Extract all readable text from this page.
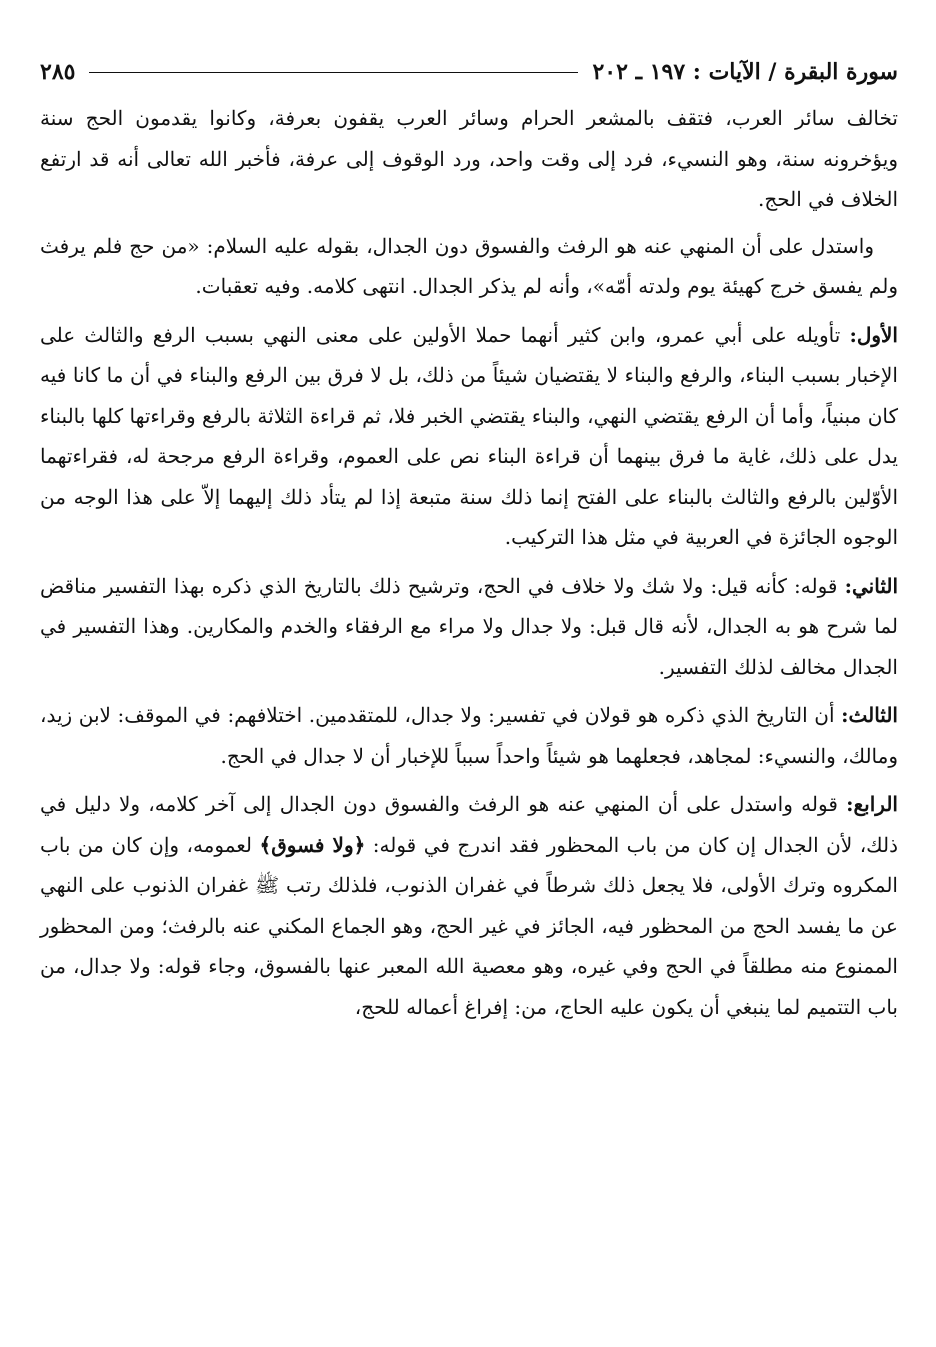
سورة البقرة / الآيات : ١٩٧ ـ ٢٠٢
٢٨٥

تخالف سائر العرب، فتقف بالمشعر الحرام وسائر العرب يقفون بعرفة، وكانوا يقدمون الحج سنة ويؤخرونه سنة، وهو النسيء، فرد إلى وقت واحد، ورد الوقوف إلى عرفة، فأخبر الله تعالى أنه قد ارتفع الخلاف في الحج.

واستدل على أن المنهي عنه هو الرفث والفسوق دون الجدال، بقوله عليه السلام: «من حج فلم يرفث ولم يفسق خرج كهيئة يوم ولدته أمّه»، وأنه لم يذكر الجدال. انتهى كلامه. وفيه تعقبات.

الأول: تأويله على أبي عمرو، وابن كثير أنهما حملا الأولين على معنى النهي بسبب الرفع والثالث على الإخبار بسبب البناء، والرفع والبناء لا يقتضيان شيئاً من ذلك، بل لا فرق بين الرفع والبناء في أن ما كانا فيه كان مبنياً، وأما أن الرفع يقتضي النهي، والبناء يقتضي الخبر فلا، ثم قراءة الثلاثة بالرفع وقراءتها كلها بالبناء يدل على ذلك، غاية ما فرق بينهما أن قراءة البناء نص على العموم، وقراءة الرفع مرجحة له، فقراءتهما الأوّلين بالرفع والثالث بالبناء على الفتح إنما ذلك سنة متبعة إذا لم يتأد ذلك إليهما إلاّ على هذا الوجه من الوجوه الجائزة في العربية في مثل هذا التركيب.

الثاني: قوله: كأنه قيل: ولا شك ولا خلاف في الحج، وترشيح ذلك بالتاريخ الذي ذكره بهذا التفسير مناقض لما شرح هو به الجدال، لأنه قال قبل: ولا جدال ولا مراء مع الرفقاء والخدم والمكارين. وهذا التفسير في الجدال مخالف لذلك التفسير.

الثالث: أن التاريخ الذي ذكره هو قولان في تفسير: ولا جدال، للمتقدمين. اختلافهم: في الموقف: لابن زيد، ومالك، والنسيء: لمجاهد، فجعلهما هو شيئاً واحداً سبباً للإخبار أن لا جدال في الحج.

الرابع: قوله واستدل على أن المنهي عنه هو الرفث والفسوق دون الجدال إلى آخر كلامه، ولا دليل في ذلك، لأن الجدال إن كان من باب المحظور فقد اندرج في قوله: ﴿ولا فسوق﴾ لعمومه، وإن كان من باب المكروه وترك الأولى، فلا يجعل ذلك شرطاً في غفران الذنوب، فلذلك رتب ﷺ غفران الذنوب على النهي عن ما يفسد الحج من المحظور فيه، الجائز في غير الحج، وهو الجماع المكني عنه بالرفث؛ ومن المحظور الممنوع منه مطلقاً في الحج وفي غيره، وهو معصية الله المعبر عنها بالفسوق، وجاء قوله: ولا جدال، من باب التتميم لما ينبغي أن يكون عليه الحاج، من: إفراغ أعماله للحج،
